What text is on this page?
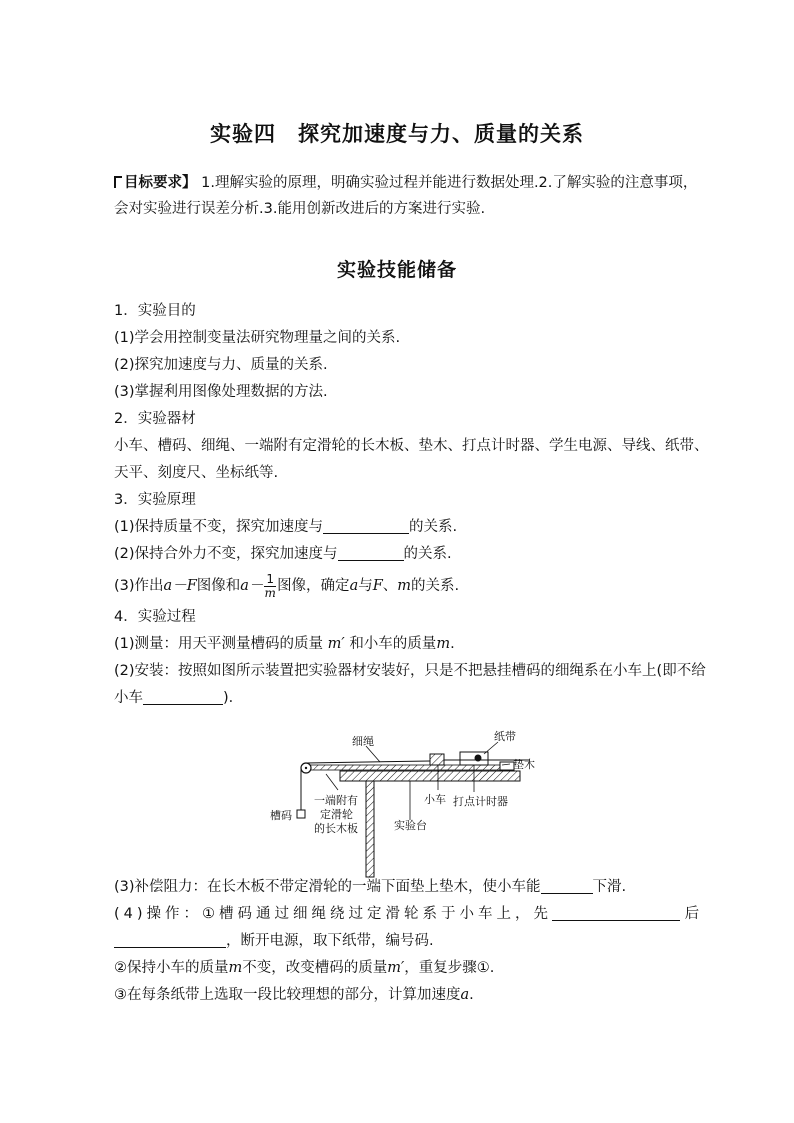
实验四　探究加速度与力、质量的关系
目标要求】 1.理解实验的原理，明确实验过程并能进行数据处理.2.了解实验的注意事项，
会对实验进行误差分析.3.能用创新改进后的方案进行实验.
实验技能储备
1．实验目的
(1)学会用控制变量法研究物理量之间的关系.
(2)探究加速度与力、质量的关系.
(3)掌握利用图像处理数据的方法.
2．实验器材
小车、槽码、细绳、一端附有定滑轮的长木板、垫木、打点计时器、学生电源、导线、纸带、
天平、刻度尺、坐标纸等.
3．实验原理
(1)保持质量不变，探究加速度与	的关系.
(2)保持合外力不变，探究加速度与	的关系.
(3)作出a－F图像和$a- \frac{1}{m}$ 图像，确定a与F、m的关系.
4．实验过程
(1)测量：用天平测量槽码的质量 m′ 和小车的质量m.
(2)安装：按照如图所示装置把实验器材安装好，只是不把悬挂槽码的细绳系在小车上(即不给
小车	)．
(3)补偿阻力：在长木板不带定滑轮的一端下面垫上垫木，使小车能	下滑.
(4)操作：①槽码通过细绳绕过定滑轮系于小车上，先	后
，断开电源，取下纸带，编号码.
②保持小车的质量m不变，改变槽码的质量m′，重复步骤①.
③在每条纸带上选取一段比较理想的部分，计算加速度a.
细绳	纸带
垫木
小车 打点计时器
槽码
一端附有
定滑轮
的长木板	实验台
